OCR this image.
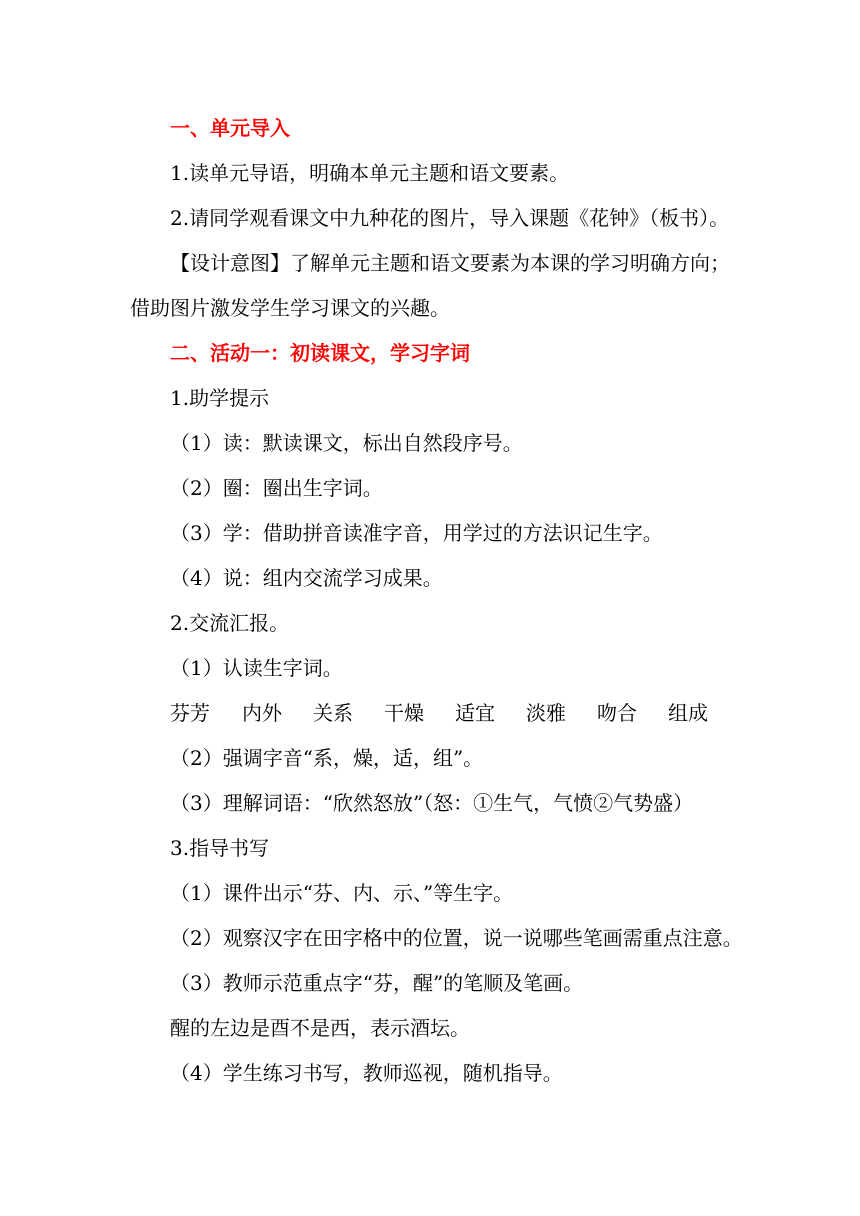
一、单元导入
1.读单元导语，明确本单元主题和语文要素。
2.请同学观看课文中九种花的图片，导入课题《花钟》（板书）。
【设计意图】了解单元主题和语文要素为本课的学习明确方向；
借助图片激发学生学习课文的兴趣。
二、活动一：初读课文，学习字词
1.助学提示
（1）读：默读课文，标出自然段序号。
（2）圈：圈出生字词。
（3）学：借助拼音读准字音，用学过的方法识记生字。
（4）说：组内交流学习成果。
2.交流汇报。
（1）认读生字词。
芬芳 内外 关系 干燥 适宜 淡雅 吻合 组成
（2）强调字音“系，燥，适，组”。
（3）理解词语：“欣然怒放”（怒：①生气，气愤②气势盛）
3.指导书写
（1）课件出示“芬、内、示、”等生字。
（2）观察汉字在田字格中的位置，说一说哪些笔画需重点注意。
（3）教师示范重点字“芬，醒”的笔顺及笔画。
醒的左边是酉不是西，表示酒坛。
（4）学生练习书写，教师巡视，随机指导。
